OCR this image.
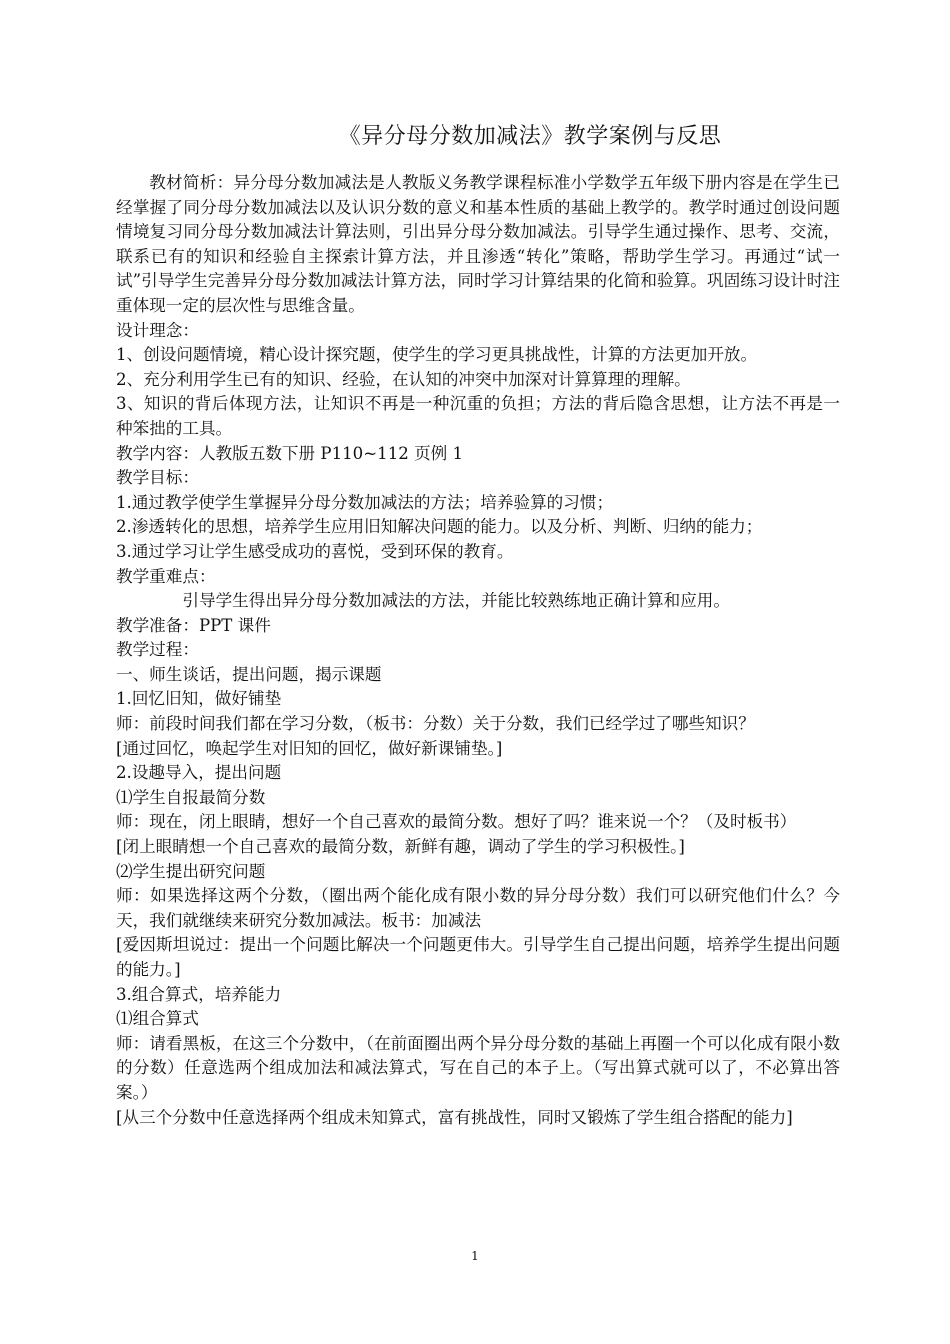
《异分母分数加减法》教学案例与反思

教材简析：异分母分数加减法是人教版义务教学课程标准小学数学五年级下册内容是在学生已经掌握了同分母分数加减法以及认识分数的意义和基本性质的基础上教学的。教学时通过创设问题情境复习同分母分数加减法计算法则，引出异分母分数加减法。引导学生通过操作、思考、交流，联系已有的知识和经验自主探索计算方法，并且渗透“转化”策略，帮助学生学习。再通过“试一试”引导学生完善异分母分数加减法计算方法，同时学习计算结果的化简和验算。巩固练习设计时注重体现一定的层次性与思维含量。

设计理念：

1、创设问题情境，精心设计探究题，使学生的学习更具挑战性，计算的方法更加开放。

2、充分利用学生已有的知识、经验，在认知的冲突中加深对计算算理的理解。

3、知识的背后体现方法，让知识不再是一种沉重的负担；方法的背后隐含思想，让方法不再是一种笨拙的工具。

教学内容：人教版五数下册 P110~112 页例 1

教学目标：

1.通过教学使学生掌握异分母分数加减法的方法；培养验算的习惯；

2.渗透转化的思想，培养学生应用旧知解决问题的能力。以及分析、判断、归纳的能力；

3.通过学习让学生感受成功的喜悦，受到环保的教育。

教学重难点：

引导学生得出异分母分数加减法的方法，并能比较熟练地正确计算和应用。

教学准备：PPT 课件

教学过程：

一、师生谈话，提出问题，揭示课题

1.回忆旧知，做好铺垫

师：前段时间我们都在学习分数，（板书：分数）关于分数，我们已经学过了哪些知识？

[通过回忆，唤起学生对旧知的回忆，做好新课铺垫。]

2.设趣导入，提出问题

⑴学生自报最简分数

师：现在，闭上眼睛，想好一个自己喜欢的最简分数。想好了吗？谁来说一个？（及时板书）

[闭上眼睛想一个自己喜欢的最简分数，新鲜有趣，调动了学生的学习积极性。]

⑵学生提出研究问题

师：如果选择这两个分数，（圈出两个能化成有限小数的异分母分数）我们可以研究他们什么？今天，我们就继续来研究分数加减法。板书：加减法

[爱因斯坦说过：提出一个问题比解决一个问题更伟大。引导学生自己提出问题，培养学生提出问题的能力。]

3.组合算式，培养能力

⑴组合算式

师：请看黑板，在这三个分数中，（在前面圈出两个异分母分数的基础上再圈一个可以化成有限小数的分数）任意选两个组成加法和减法算式，写在自己的本子上。（写出算式就可以了，不必算出答案。）

[从三个分数中任意选择两个组成未知算式，富有挑战性，同时又锻炼了学生组合搭配的能力]

1
